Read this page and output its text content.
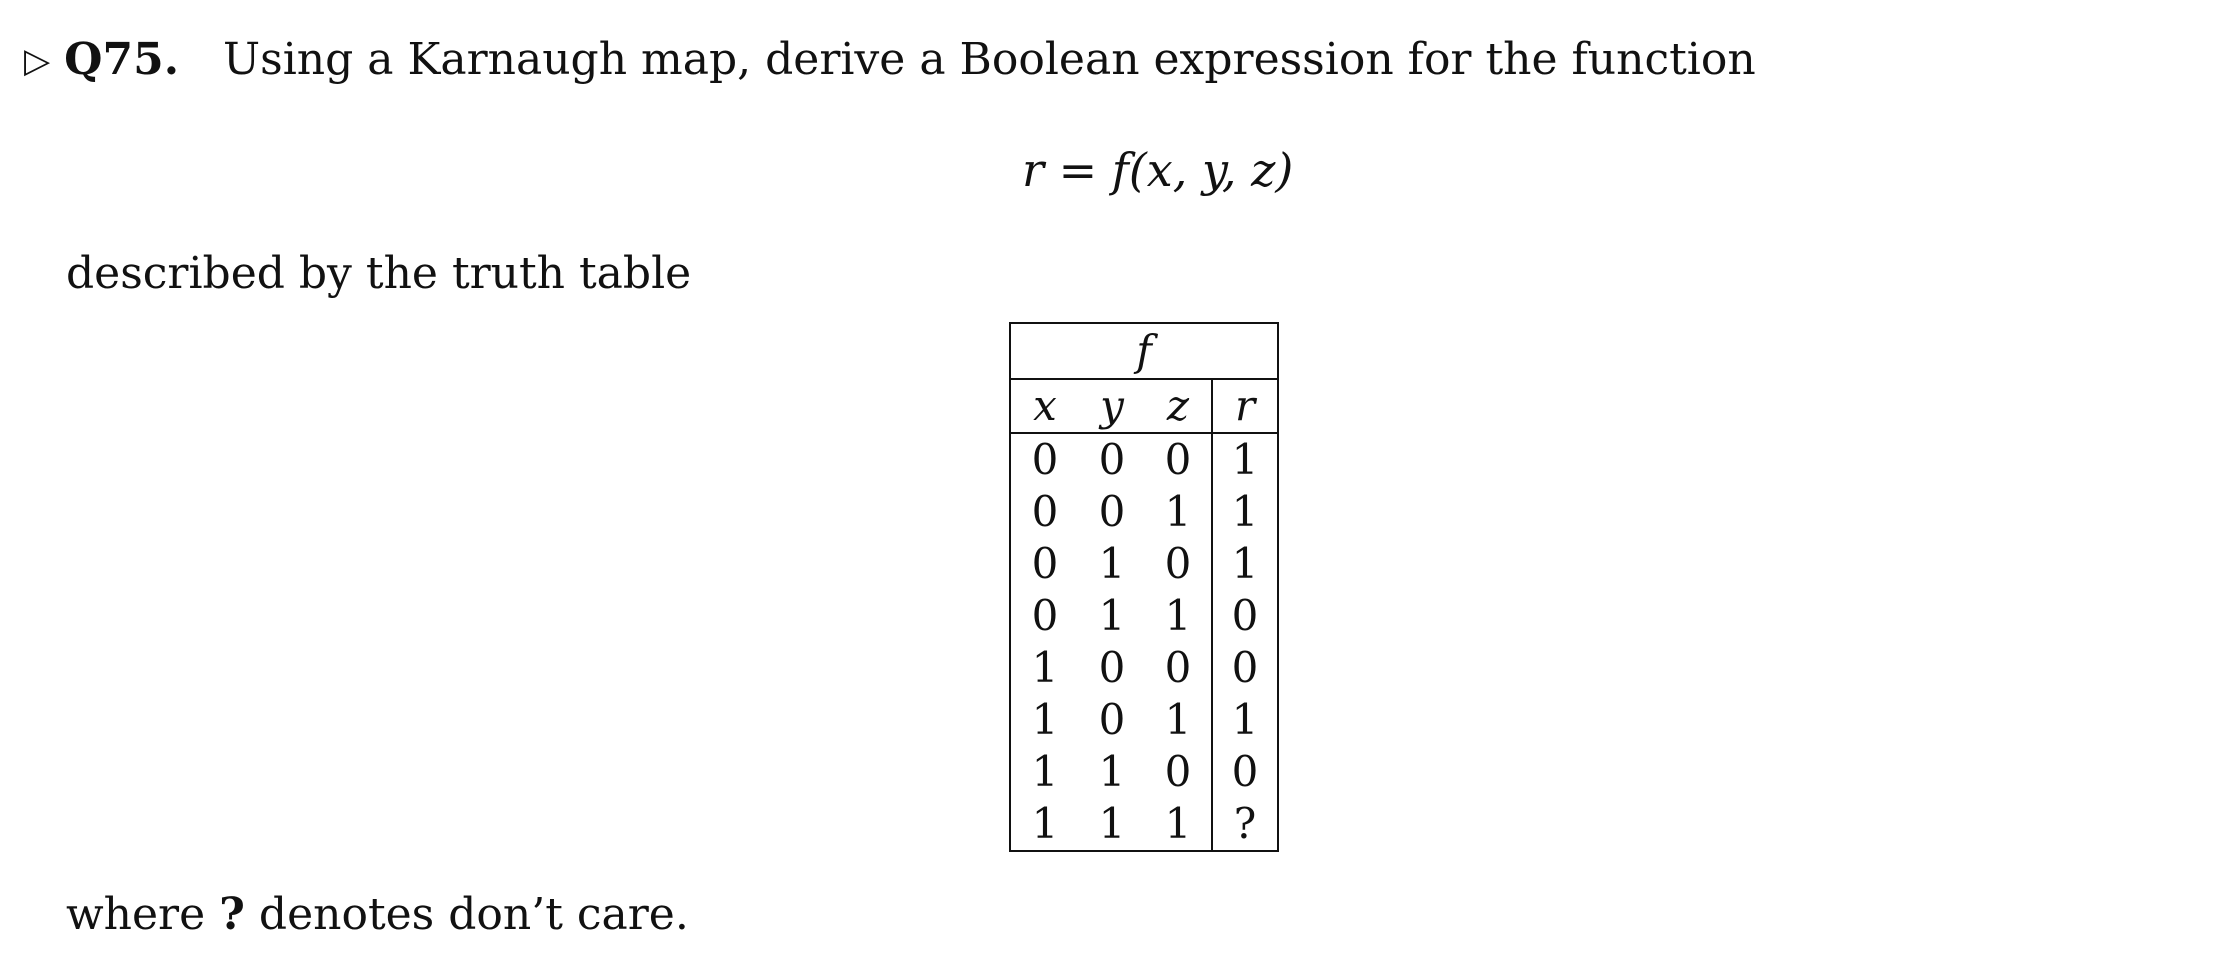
▷ Q75. Using a Karnaugh map, derive a Boolean expression for the function
r = f(x, y, z)
described by the truth table
f			
x	y	z	r
0	0	0	1
0	0	1	1
0	1	0	1
0	1	1	0
1	0	0	0
1	0	1	1
1	1	0	0
1	1	1	?
where ? denotes don’t care.
